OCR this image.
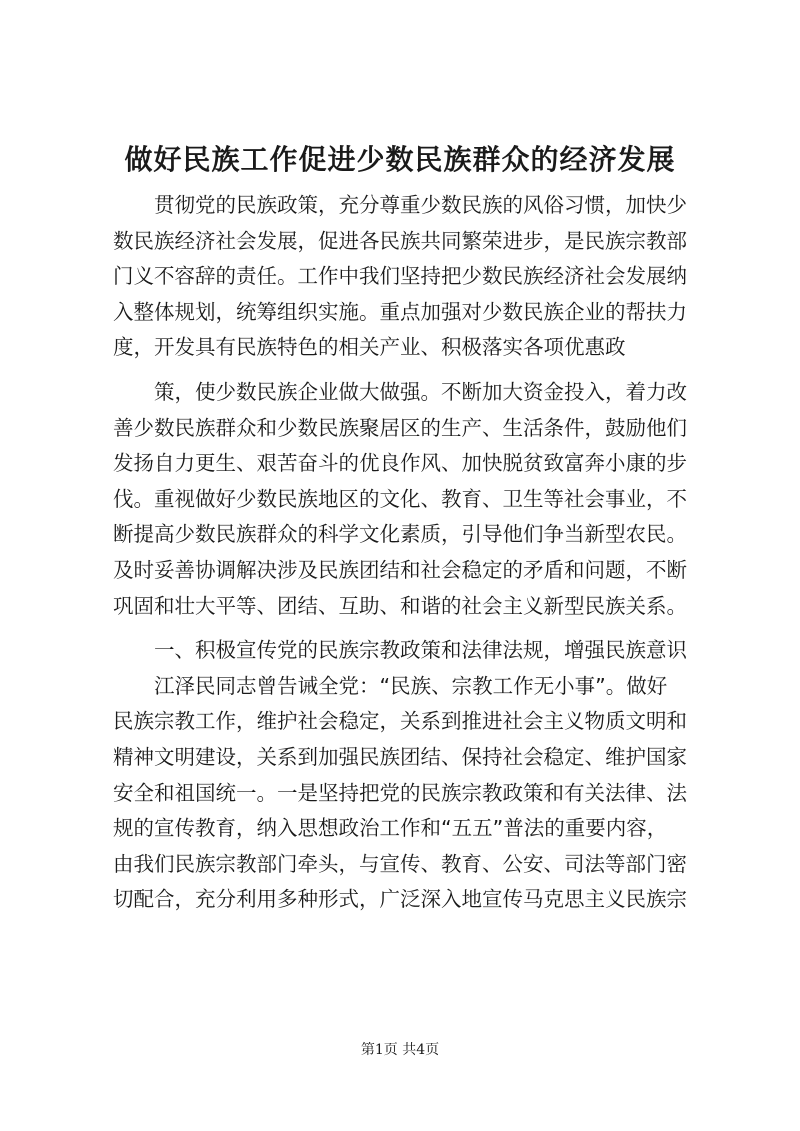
做好民族工作促进少数民族群众的经济发展

贯彻党的民族政策，充分尊重少数民族的风俗习惯，加快少
数民族经济社会发展，促进各民族共同繁荣进步，是民族宗教部
门义不容辞的责任。工作中我们坚持把少数民族经济社会发展纳
入整体规划，统筹组织实施。重点加强对少数民族企业的帮扶力
度，开发具有民族特色的相关产业、积极落实各项优惠政

策，使少数民族企业做大做强。不断加大资金投入，着力改
善少数民族群众和少数民族聚居区的生产、生活条件，鼓励他们
发扬自力更生、艰苦奋斗的优良作风、加快脱贫致富奔小康的步
伐。重视做好少数民族地区的文化、教育、卫生等社会事业，不
断提高少数民族群众的科学文化素质，引导他们争当新型农民。
及时妥善协调解决涉及民族团结和社会稳定的矛盾和问题，不断
巩固和壮大平等、团结、互助、和谐的社会主义新型民族关系。

一、积极宣传党的民族宗教政策和法律法规，增强民族意识

江泽民同志曾告诫全党：“民族、宗教工作无小事”。做好
民族宗教工作，维护社会稳定，关系到推进社会主义物质文明和
精神文明建设，关系到加强民族团结、保持社会稳定、维护国家
安全和祖国统一。一是坚持把党的民族宗教政策和有关法律、法
规的宣传教育，纳入思想政治工作和“五五”普法的重要内容，
由我们民族宗教部门牵头，与宣传、教育、公安、司法等部门密
切配合，充分利用多种形式，广泛深入地宣传马克思主义民族宗

第1页 共4页
